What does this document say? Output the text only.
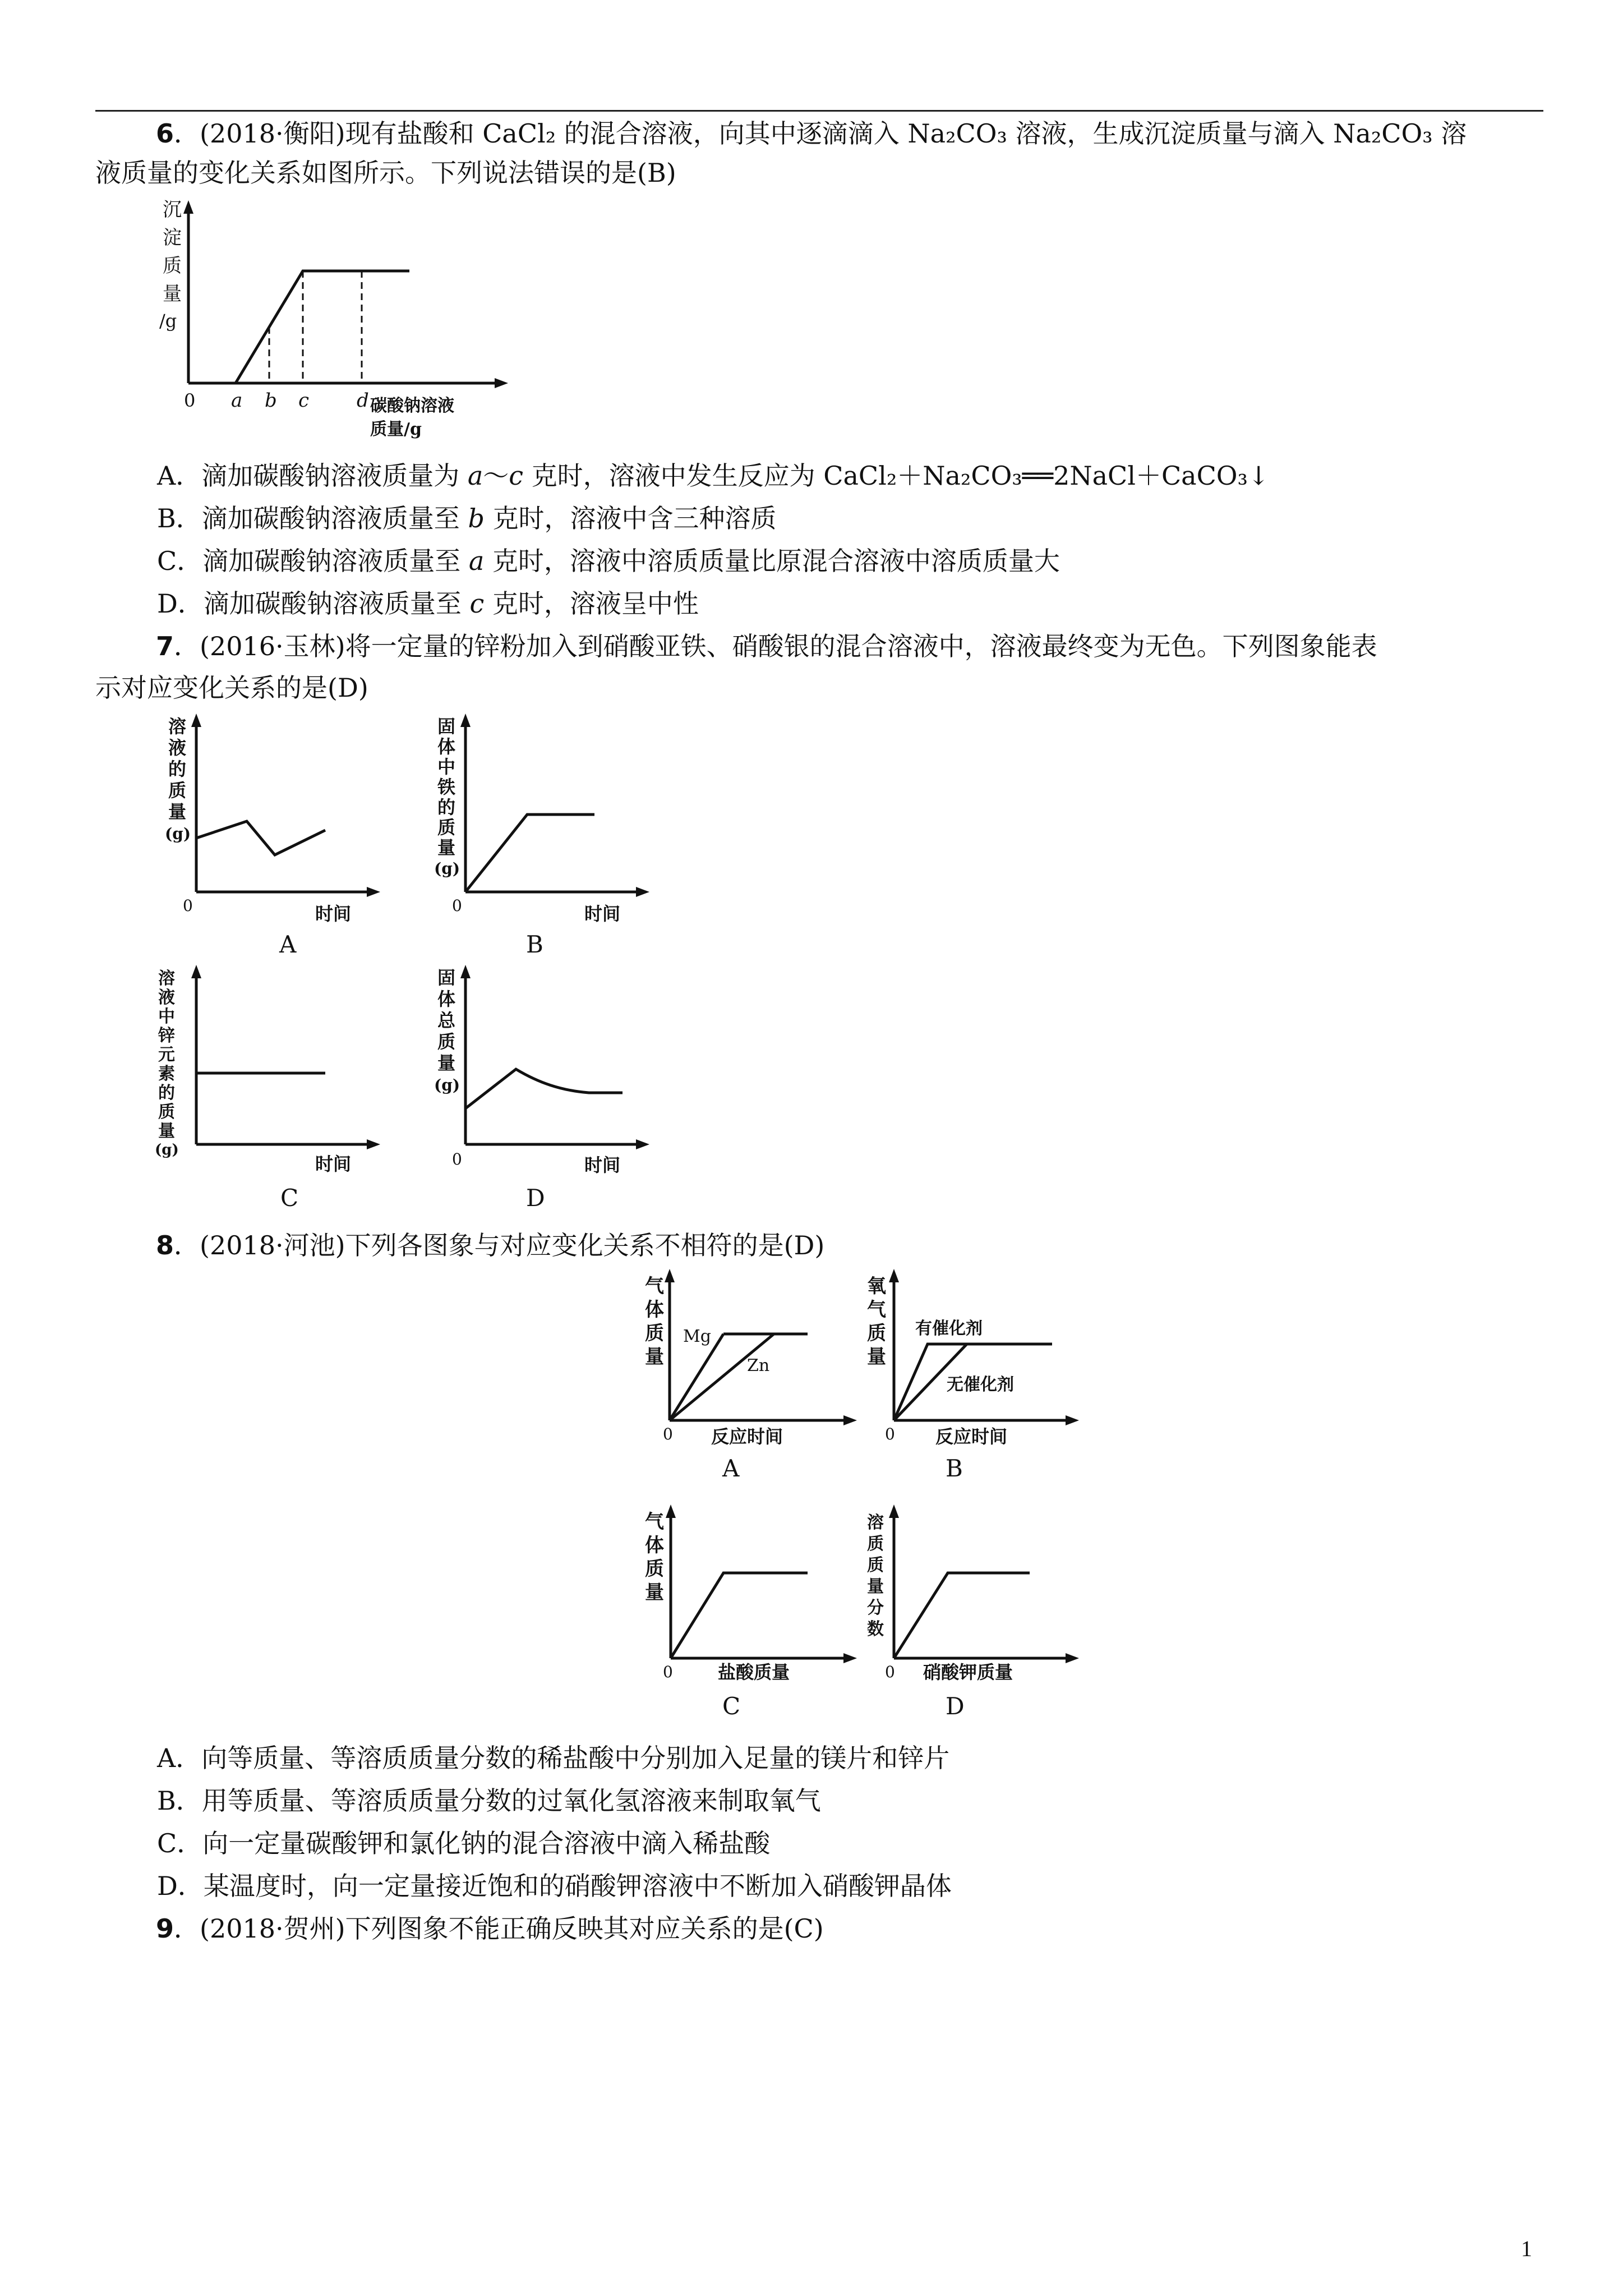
6．(2018·衡阳)现有盐酸和 CaCl₂ 的混合溶液，向其中逐滴滴入 Na₂CO₃ 溶液，生成沉淀质量与滴入 Na₂CO₃ 溶
液质量的变化关系如图所示。下列说法错误的是(B)
沉
淀
质
量
/g
0 a b c d 碳酸钠溶液
质量/g
A．滴加碳酸钠溶液质量为 a～c 克时，溶液中发生反应为 CaCl₂＋Na₂CO₃══2NaCl＋CaCO₃↓
B．滴加碳酸钠溶液质量至 b 克时，溶液中含三种溶质
C．滴加碳酸钠溶液质量至 a 克时，溶液中溶质质量比原混合溶液中溶质质量大
D．滴加碳酸钠溶液质量至 c 克时，溶液呈中性
7．(2016·玉林)将一定量的锌粉加入到硝酸亚铁、硝酸银的混合溶液中，溶液最终变为无色。下列图象能表
示对应变化关系的是(D)
溶
液
的
质
量
(g)
0	时间
A
固
体
中
铁
的
质
量
(g)
0	时间
B
溶
液
中
锌
元
素
的
质
量
(g)
时间
C
固
体
总
质
量
(g)
0	时间
D
8．(2018·河池)下列各图象与对应变化关系不相符的是(D)
气
体
质
量
Mg
Zn
0 反应时间
A
氧
气
质
量
有催化剂
无催化剂
0 反应时间
B
气
体
质
量
0	盐酸质量
C
溶
质
质
量
分
数
0 硝酸钾质量
D
A．向等质量、等溶质质量分数的稀盐酸中分别加入足量的镁片和锌片
B．用等质量、等溶质质量分数的过氧化氢溶液来制取氧气
C．向一定量碳酸钾和氯化钠的混合溶液中滴入稀盐酸
D．某温度时，向一定量接近饱和的硝酸钾溶液中不断加入硝酸钾晶体
9．(2018·贺州)下列图象不能正确反映其对应关系的是(C)
1
